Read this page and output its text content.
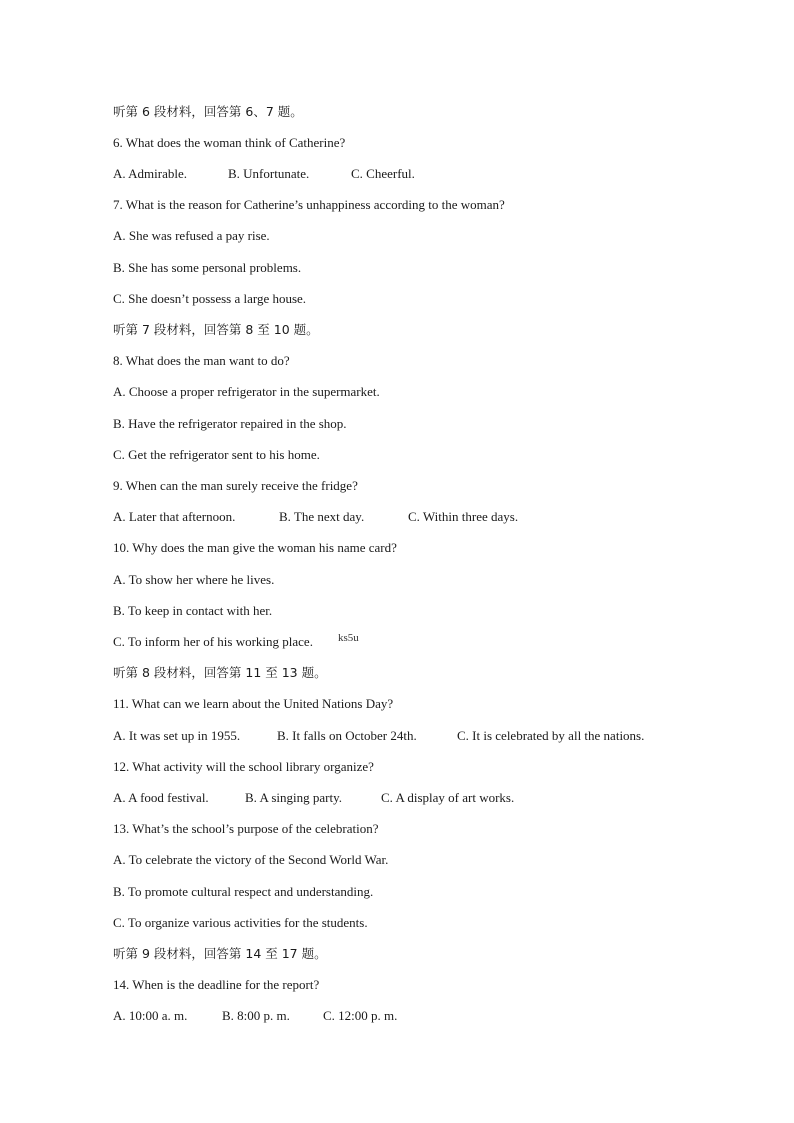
听第 6 段材料，回答第 6、7 题。
6. What does the woman think of Catherine?
A. Admirable.	B. Unfortunate.	C. Cheerful.
7. What is the reason for Catherine’s unhappiness according to the woman?
A. She was refused a pay rise.
B. She has some personal problems.
C. She doesn’t possess a large house.
听第 7 段材料，回答第 8 至 10 题。
8. What does the man want to do?
A. Choose a proper refrigerator in the supermarket.
B. Have the refrigerator repaired in the shop.
C. Get the refrigerator sent to his home.
9. When can the man surely receive the fridge?
A. Later that afternoon.	B. The next day.	C. Within three days.
10. Why does the man give the woman his name card?
A. To show her where he lives.
B. To keep in contact with her.
C. To inform her of his working place. ks5u
听第 8 段材料，回答第 11 至 13 题。
11. What can we learn about the United Nations Day?
A. It was set up in 1955.	B. It falls on October 24th.	C. It is celebrated by all the nations.
12. What activity will the school library organize?
A. A food festival.	B. A singing party.	C. A display of art works.
13. What’s the school’s purpose of the celebration?
A. To celebrate the victory of the Second World War.
B. To promote cultural respect and understanding.
C. To organize various activities for the students.
听第 9 段材料，回答第 14 至 17 题。
14. When is the deadline for the report?
A. 10:00 a. m.	B. 8:00 p. m.	C. 12:00 p. m.
